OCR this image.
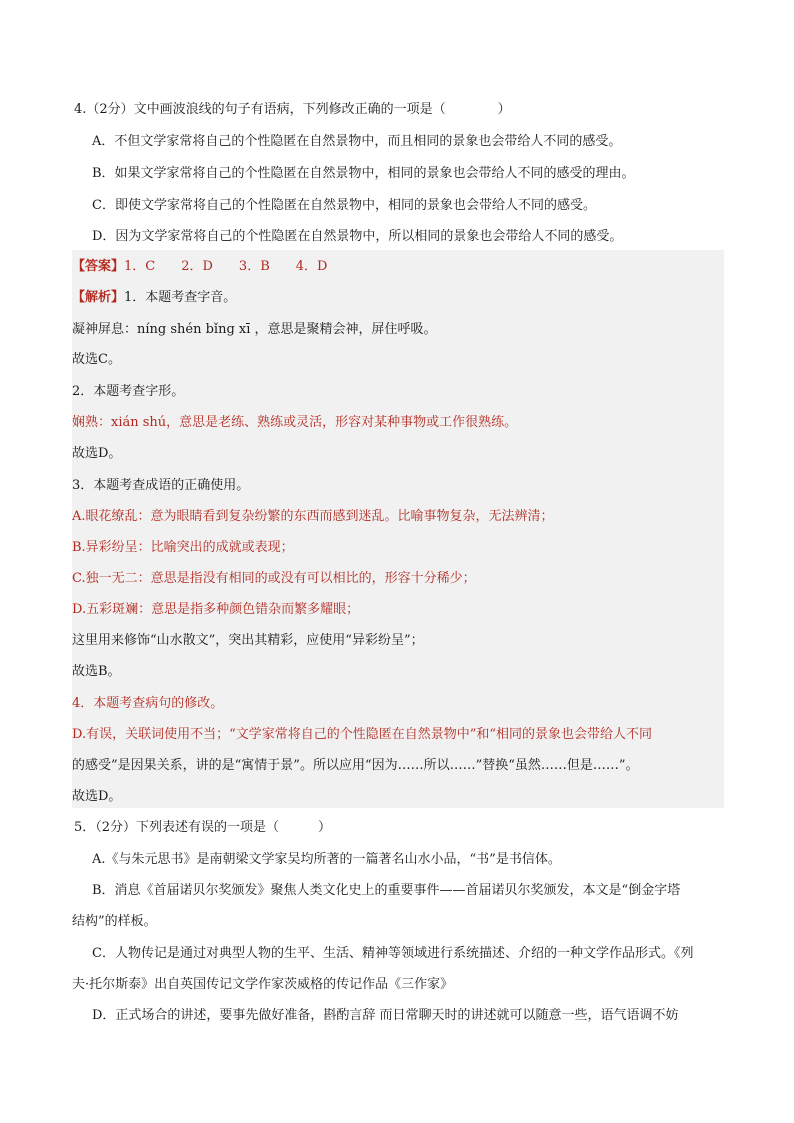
4.（2分）文中画波浪线的句子有语病，下列修改正确的一项是（　　　　）
A．不但文学家常将自己的个性隐匿在自然景物中，而且相同的景象也会带给人不同的感受。
B．如果文学家常将自己的个性隐匿在自然景物中，相同的景象也会带给人不同的感受的理由。
C．即使文学家常将自己的个性隐匿在自然景物中，相同的景象也会带给人不同的感受。
D．因为文学家常将自己的个性隐匿在自然景物中，所以相同的景象也会带给人不同的感受。
【答案】1．C　　2．D　　3．B　　4．D
【解析】1．本题考查字音。
凝神屏息：níng shén bǐng xī ，意思是聚精会神，屏住呼吸。
故选C。
2．本题考查字形。
娴熟：xián shú，意思是老练、熟练或灵活，形容对某种事物或工作很熟练。
故选D。
3．本题考查成语的正确使用。
A.眼花缭乱：意为眼睛看到复杂纷繁的东西而感到迷乱。比喻事物复杂，无法辨清；
B.异彩纷呈：比喻突出的成就或表现；
C.独一无二：意思是指没有相同的或没有可以相比的，形容十分稀少；
D.五彩斑斓：意思是指多种颜色错杂而繁多耀眼；
这里用来修饰“山水散文”，突出其精彩，应使用“异彩纷呈”；
故选B。
4．本题考查病句的修改。
D.有误，关联词使用不当；“文学家常将自己的个性隐匿在自然景物中”和“相同的景象也会带给人不同
的感受”是因果关系，讲的是“寓情于景”。所以应用“因为……所以……”替换“虽然……但是……”。
故选D。
5．（2分）下列表述有误的一项是（　　　）
A.《与朱元思书》是南朝梁文学家吴均所著的一篇著名山水小品，“书”是书信体。
B．消息《首届诺贝尔奖颁发》聚焦人类文化史上的重要事件——首届诺贝尔奖颁发，本文是“倒金字塔
结构”的样板。
C．人物传记是通过对典型人物的生平、生活、精神等领域进行系统描述、介绍的一种文学作品形式。《列
夫·托尔斯泰》出自英国传记文学作家茨威格的传记作品《三作家》
D．正式场合的讲述，要事先做好准备，斟酌言辞 而日常聊天时的讲述就可以随意一些，语气语调不妨
